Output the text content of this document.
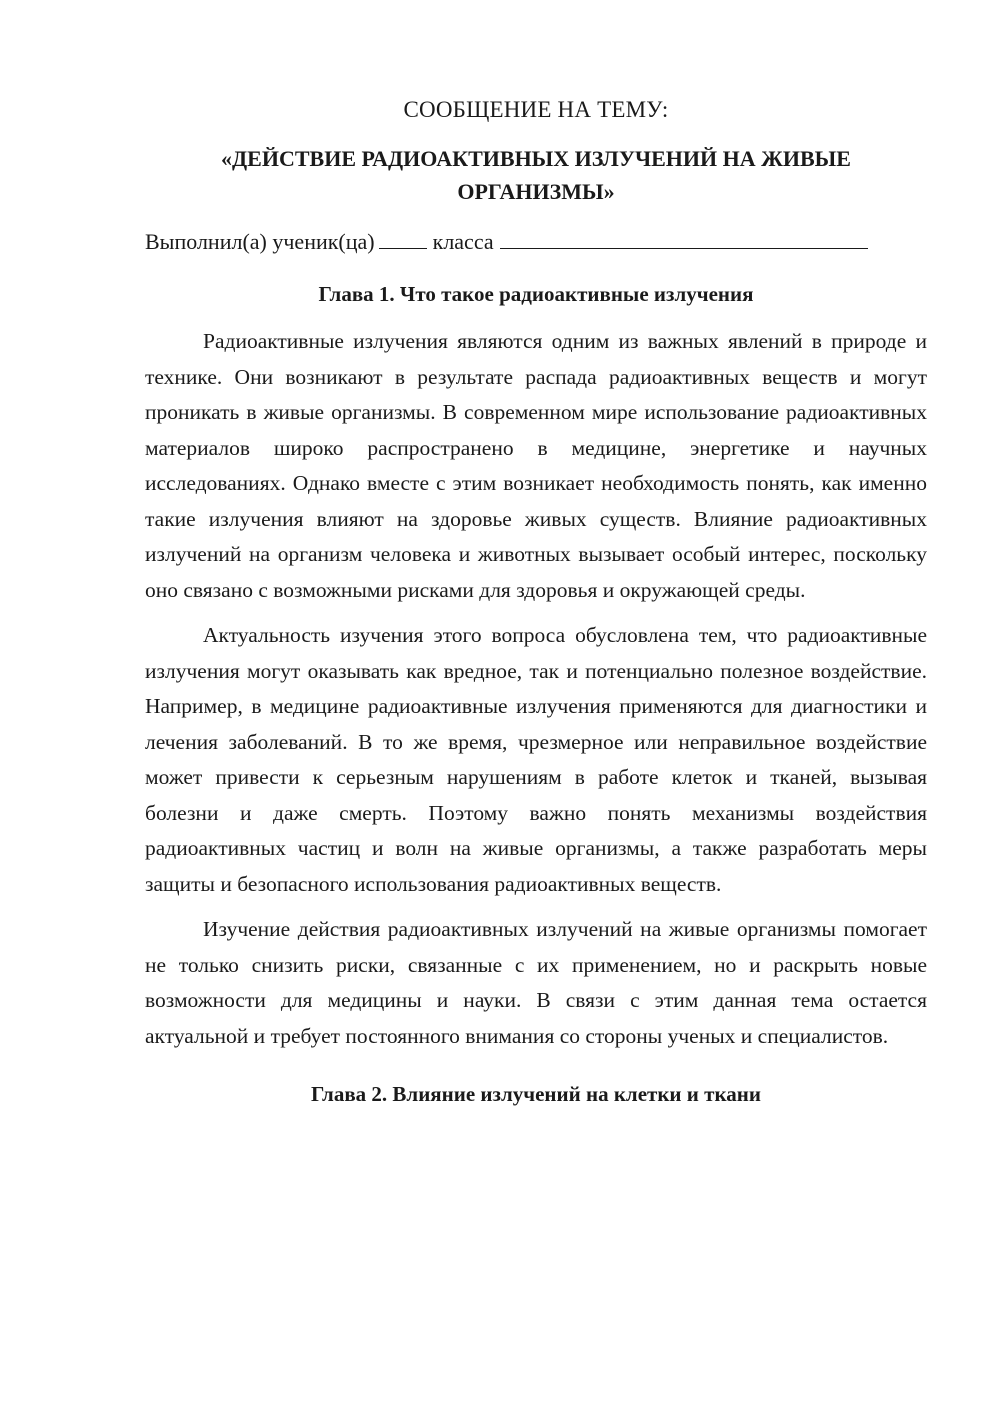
СООБЩЕНИЕ НА ТЕМУ:

«ДЕЙСТВИЕ РАДИОАКТИВНЫХ ИЗЛУЧЕНИЙ НА ЖИВЫЕ ОРГАНИЗМЫ»

Выполнил(а) ученик(ца)	класса

Глава 1. Что такое радиоактивные излучения

Радиоактивные излучения являются одним из важных явлений в природе и технике. Они возникают в результате распада радиоактивных веществ и могут проникать в живые организмы. В современном мире использование радиоактивных материалов широко распространено в медицине, энергетике и научных исследованиях. Однако вместе с этим возникает необходимость понять, как именно такие излучения влияют на здоровье живых существ. Влияние радиоактивных излучений на организм человека и животных вызывает особый интерес, поскольку оно связано с возможными рисками для здоровья и окружающей среды.

Актуальность изучения этого вопроса обусловлена тем, что радиоактивные излучения могут оказывать как вредное, так и потенциально полезное воздействие. Например, в медицине радиоактивные излучения применяются для диагностики и лечения заболеваний. В то же время, чрезмерное или неправильное воздействие может привести к серьезным нарушениям в работе клеток и тканей, вызывая болезни и даже смерть. Поэтому важно понять механизмы воздействия радиоактивных частиц и волн на живые организмы, а также разработать меры защиты и безопасного использования радиоактивных веществ.

Изучение действия радиоактивных излучений на живые организмы помогает не только снизить риски, связанные с их применением, но и раскрыть новые возможности для медицины и науки. В связи с этим данная тема остается актуальной и требует постоянного внимания со стороны ученых и специалистов.

Глава 2. Влияние излучений на клетки и ткани
